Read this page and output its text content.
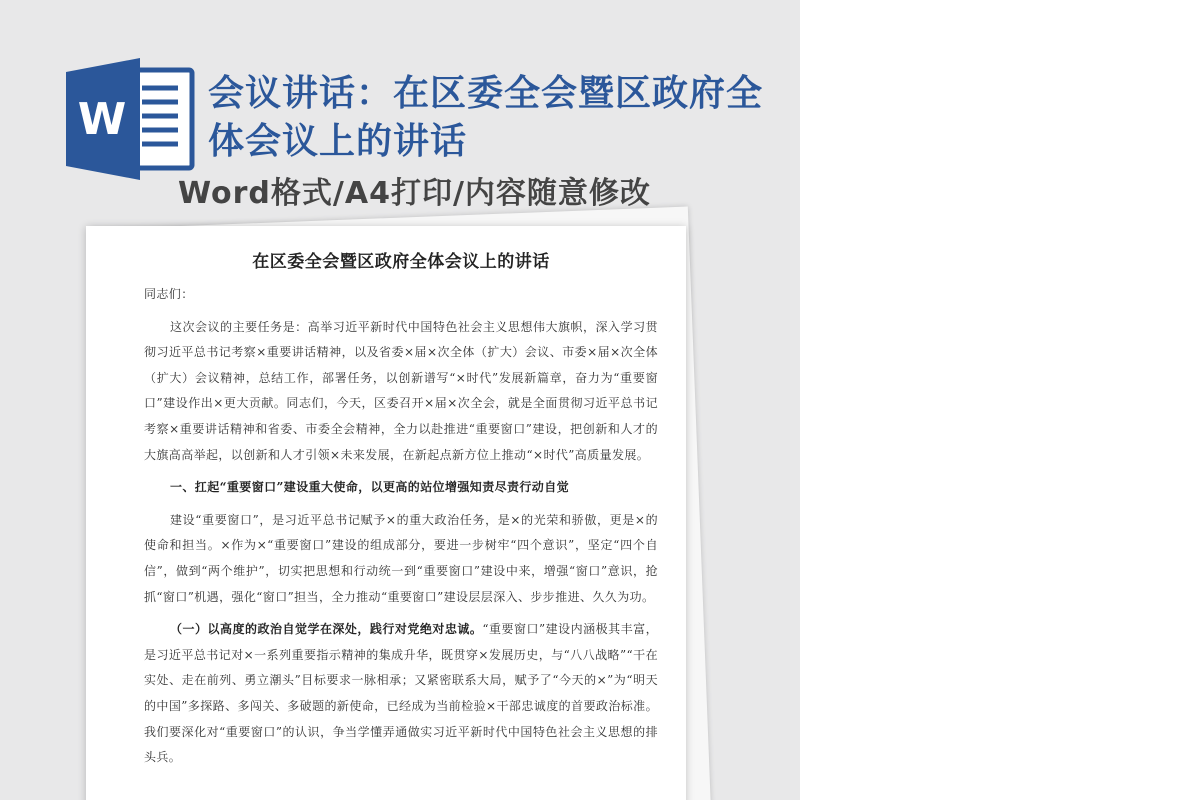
W
会议讲话：在区委全会暨区政府全
体会议上的讲话
Word格式/A4打印/内容随意修改
在区委全会暨区政府全体会议上的讲话

同志们：

这次会议的主要任务是：高举习近平新时代中国特色社会主义思想伟大旗帜，深入学习贯彻习近平总书记考察×重要讲话精神，以及省委×届×次全体（扩大）会议、市委×届×次全体（扩大）会议精神，总结工作，部署任务，以创新谱写“×时代”发展新篇章，奋力为“重要窗口”建设作出×更大贡献。同志们，今天，区委召开×届×次全会，就是全面贯彻习近平总书记考察×重要讲话精神和省委、市委全会精神，全力以赴推进“重要窗口”建设，把创新和人才的大旗高高举起，以创新和人才引领×未来发展，在新起点新方位上推动“×时代”高质量发展。

一、扛起“重要窗口”建设重大使命，以更高的站位增强知责尽责行动自觉

建设“重要窗口”，是习近平总书记赋予×的重大政治任务，是×的光荣和骄傲，更是×的使命和担当。×作为×“重要窗口”建设的组成部分，要进一步树牢“四个意识”，坚定“四个自信”，做到“两个维护”，切实把思想和行动统一到“重要窗口”建设中来，增强“窗口”意识，抢抓“窗口”机遇，强化“窗口”担当，全力推动“重要窗口”建设层层深入、步步推进、久久为功。

（一）以高度的政治自觉学在深处，践行对党绝对忠诚。“重要窗口”建设内涵极其丰富，是习近平总书记对×一系列重要指示精神的集成升华，既贯穿×发展历史，与“八八战略”“干在实处、走在前列、勇立潮头”目标要求一脉相承；又紧密联系大局，赋予了“今天的×”为“明天的中国”多探路、多闯关、多破题的新使命，已经成为当前检验×干部忠诚度的首要政治标准。我们要深化对“重要窗口”的认识，争当学懂弄通做实习近平新时代中国特色社会主义思想的排头兵。
